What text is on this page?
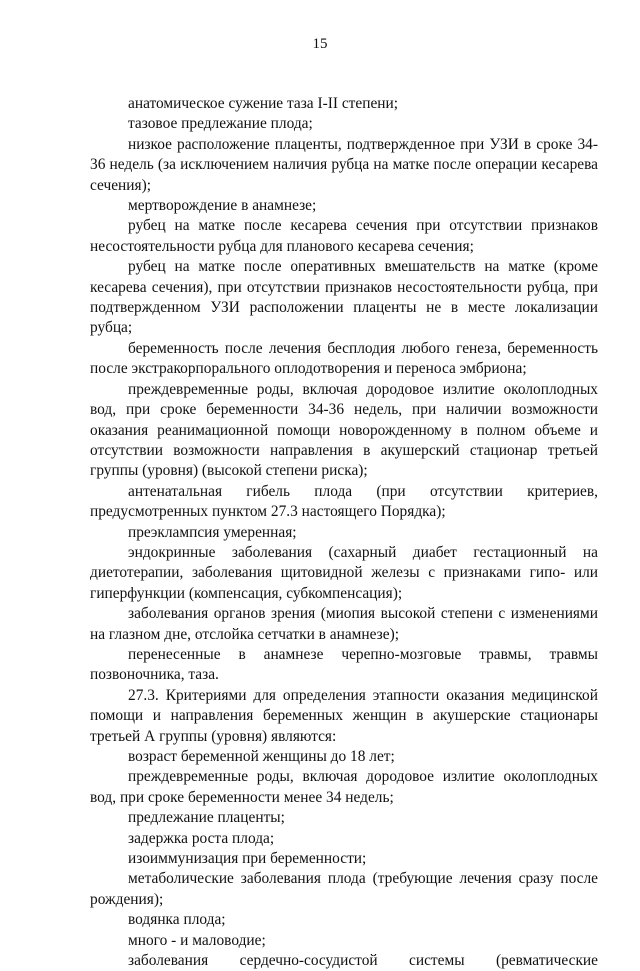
15

анатомическое сужение таза I-II степени;

тазовое предлежание плода;

низкое расположение плаценты, подтвержденное при УЗИ в сроке 34-36 недель (за исключением наличия рубца на матке после операции кесарева сечения);

мертворождение в анамнезе;

рубец на матке после кесарева сечения при отсутствии признаков несостоятельности рубца для планового кесарева сечения;

рубец на матке после оперативных вмешательств на матке (кроме кесарева сечения), при отсутствии признаков несостоятельности рубца, при подтвержденном УЗИ расположении плаценты не в месте локализации рубца;

беременность после лечения бесплодия любого генеза, беременность после экстракорпорального оплодотворения и переноса эмбриона;

преждевременные роды, включая дородовое излитие околоплодных вод, при сроке беременности 34-36 недель, при наличии возможности оказания реанимационной помощи новорожденному в полном объеме и отсутствии возможности направления в акушерский стационар третьей группы (уровня) (высокой степени риска);

антенатальная гибель плода (при отсутствии критериев, предусмотренных пунктом 27.3 настоящего Порядка);

преэклампсия умеренная;

эндокринные заболевания (сахарный диабет гестационный на диетотерапии, заболевания щитовидной железы с признаками гипо- или гиперфункции (компенсация, субкомпенсация);

заболевания органов зрения (миопия высокой степени с изменениями на глазном дне, отслойка сетчатки в анамнезе);

перенесенные в анамнезе черепно-мозговые травмы, травмы позвоночника, таза.

27.3. Критериями для определения этапности оказания медицинской помощи и направления беременных женщин в акушерские стационары третьей А группы (уровня) являются:

возраст беременной женщины до 18 лет;

преждевременные роды, включая дородовое излитие околоплодных вод, при сроке беременности менее 34 недель;

предлежание плаценты;

задержка роста плода;

изоиммунизация при беременности;

метаболические заболевания плода (требующие лечения сразу после рождения);

водянка плода;

много - и маловодие;

заболевания сердечно-сосудистой системы (ревматические
